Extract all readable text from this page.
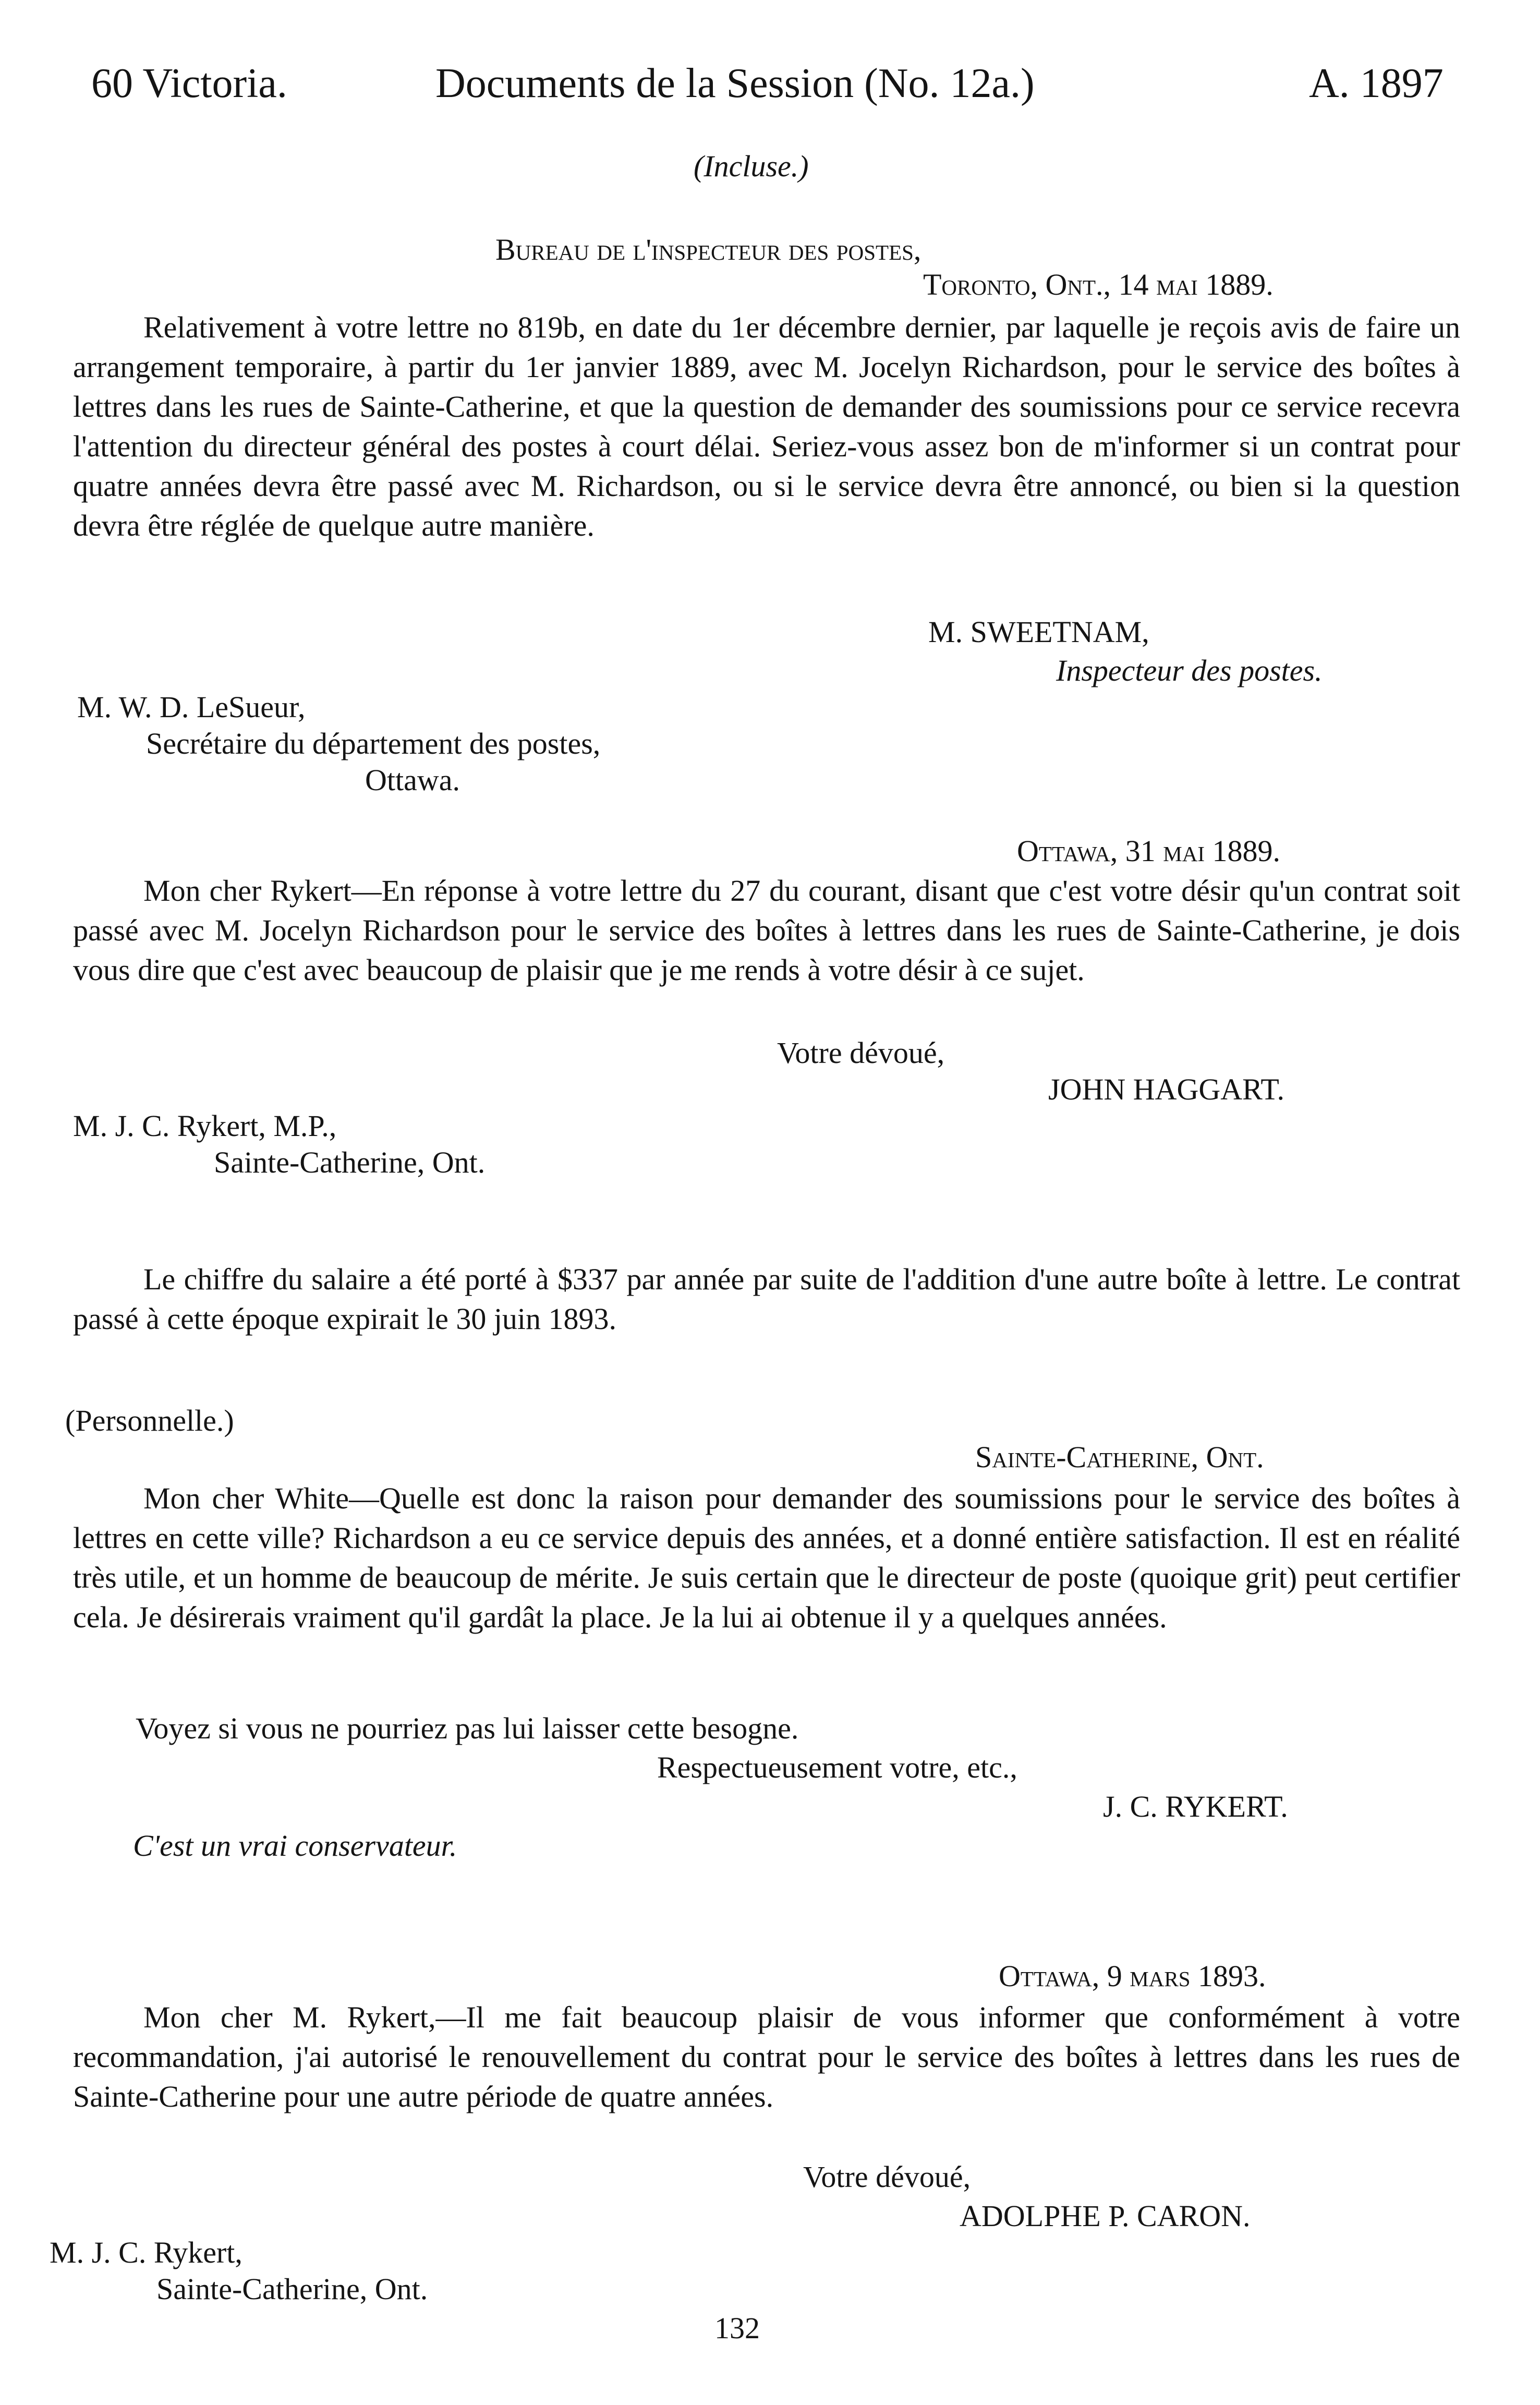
60 Victoria.	Documents de la Session (No. 12a.)	A. 1897
(Incluse.)
Bureau de l'inspecteur des postes,
Toronto, Ont., 14 mai 1889.
Relativement à votre lettre no 819b, en date du 1er décembre dernier, par laquelle je reçois avis de faire un arrangement temporaire, à partir du 1er janvier 1889, avec M. Jocelyn Richardson, pour le service des boîtes à lettres dans les rues de Sainte-Catherine, et que la question de demander des soumissions pour ce service recevra l'attention du directeur général des postes à court délai. Seriez-vous assez bon de m'informer si un contrat pour quatre années devra être passé avec M. Richardson, ou si le service devra être annoncé, ou bien si la question devra être réglée de quelque autre manière.
M. SWEETNAM,
Inspecteur des postes.
M. W. D. LeSueur,
Secrétaire du département des postes,
Ottawa.
Ottawa, 31 mai 1889.
Mon cher Rykert—En réponse à votre lettre du 27 du courant, disant que c'est votre désir qu'un contrat soit passé avec M. Jocelyn Richardson pour le service des boîtes à lettres dans les rues de Sainte-Catherine, je dois vous dire que c'est avec beaucoup de plaisir que je me rends à votre désir à ce sujet.
Votre dévoué,
JOHN HAGGART.
M. J. C. Rykert, M.P.,
Sainte-Catherine, Ont.
Le chiffre du salaire a été porté à $337 par année par suite de l'addition d'une autre boîte à lettre. Le contrat passé à cette époque expirait le 30 juin 1893.
(Personnelle.)
Sainte-Catherine, Ont.
Mon cher White—Quelle est donc la raison pour demander des soumissions pour le service des boîtes à lettres en cette ville? Richardson a eu ce service depuis des années, et a donné entière satisfaction. Il est en réalité très utile, et un homme de beaucoup de mérite. Je suis certain que le directeur de poste (quoique grit) peut certifier cela. Je désirerais vraiment qu'il gardât la place. Je la lui ai obtenue il y a quelques années.
Voyez si vous ne pourriez pas lui laisser cette besogne.
Respectueusement votre, etc.,
J. C. RYKERT.
C'est un vrai conservateur.
Ottawa, 9 mars 1893.
Mon cher M. Rykert,—Il me fait beaucoup plaisir de vous informer que conformément à votre recommandation, j'ai autorisé le renouvellement du contrat pour le service des boîtes à lettres dans les rues de Sainte-Catherine pour une autre période de quatre années.
Votre dévoué,
ADOLPHE P. CARON.
M. J. C. Rykert,
Sainte-Catherine, Ont.
132
